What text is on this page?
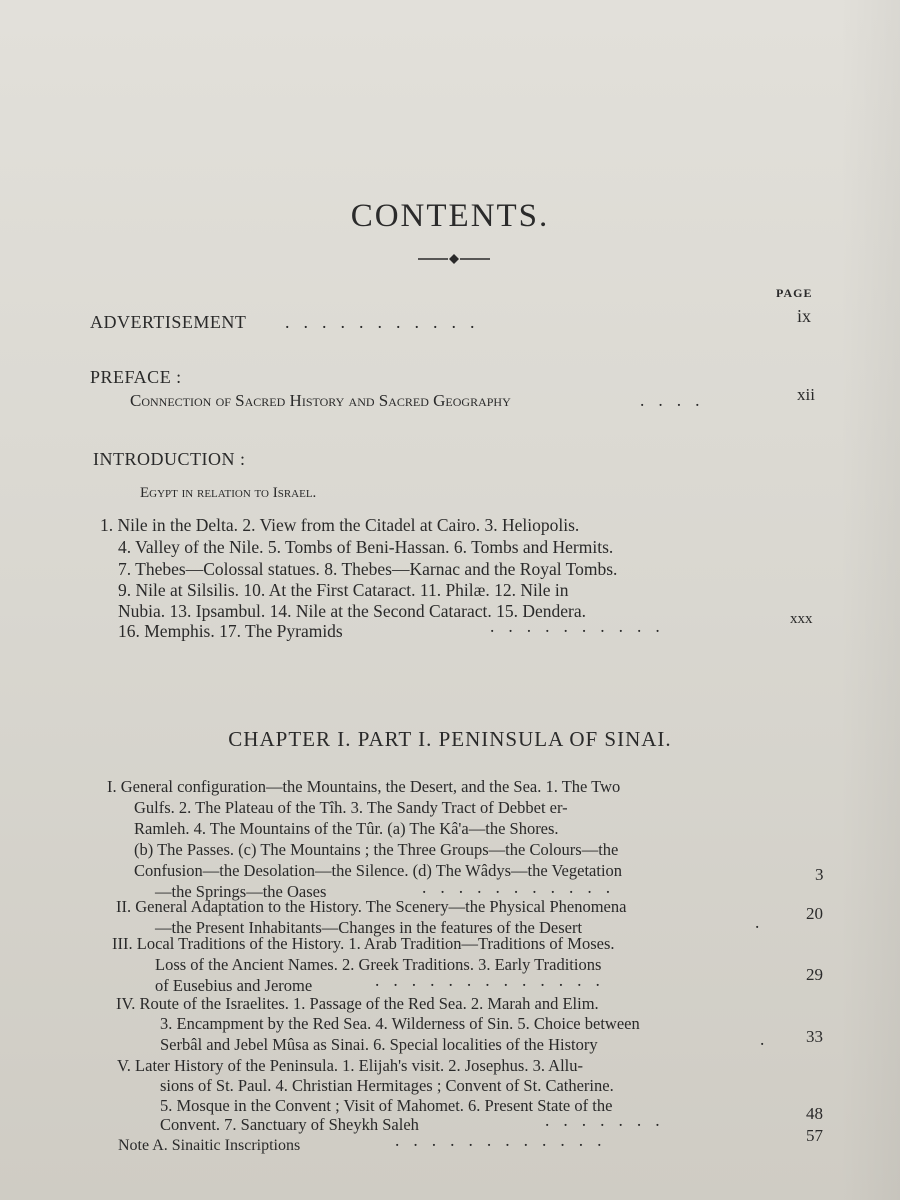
CONTENTS.
PAGE
ADVERTISEMENT ...........	ix
PREFACE :
Connection of Sacred History and Sacred Geography	....	xii
INTRODUCTION :
Egypt in relation to Israel.
1. Nile in the Delta. 2. View from the Citadel at Cairo. 3. Heliopolis.
4. Valley of the Nile. 5. Tombs of Beni-Hassan. 6. Tombs and Hermits.
7. Thebes—Colossal statues. 8. Thebes—Karnac and the Royal Tombs.
9. Nile at Silsilis. 10. At the First Cataract. 11. Philæ. 12. Nile in
Nubia. 13. Ipsambul. 14. Nile at the Second Cataract. 15. Dendera.
16. Memphis. 17. The Pyramids	..........	xxx
CHAPTER I. PART I. PENINSULA OF SINAI.
I. General configuration—the Mountains, the Desert, and the Sea. 1. The Two
Gulfs. 2. The Plateau of the Tîh. 3. The Sandy Tract of Debbet er-
Ramleh. 4. The Mountains of the Tûr. (a) The Kâ'a—the Shores.
(b) The Passes. (c) The Mountains ; the Three Groups—the Colours—the
Confusion—the Desolation—the Silence. (d) The Wâdys—the Vegetation
—the Springs—the Oases	...........
3
II. General Adaptation to the History. The Scenery—the Physical Phenomena
—the Present Inhabitants—Changes in the features of the Desert	. 20
III. Local Traditions of the History. 1. Arab Tradition—Traditions of Moses.
Loss of the Ancient Names. 2. Greek Traditions. 3. Early Traditions
of Eusebius and Jerome	.............	29
IV. Route of the Israelites. 1. Passage of the Red Sea. 2. Marah and Elim.
3. Encampment by the Red Sea. 4. Wilderness of Sin. 5. Choice between
Serbâl and Jebel Mûsa as Sinai. 6. Special localities of the History	. 33
V. Later History of the Peninsula. 1. Elijah's visit. 2. Josephus. 3. Allu-
sions of St. Paul. 4. Christian Hermitages ; Convent of St. Catherine.
5. Mosque in the Convent ; Visit of Mahomet. 6. Present State of the
Convent. 7. Sanctuary of Sheykh Saleh	.......	48
Note A. Sinaitic Inscriptions	............	57
